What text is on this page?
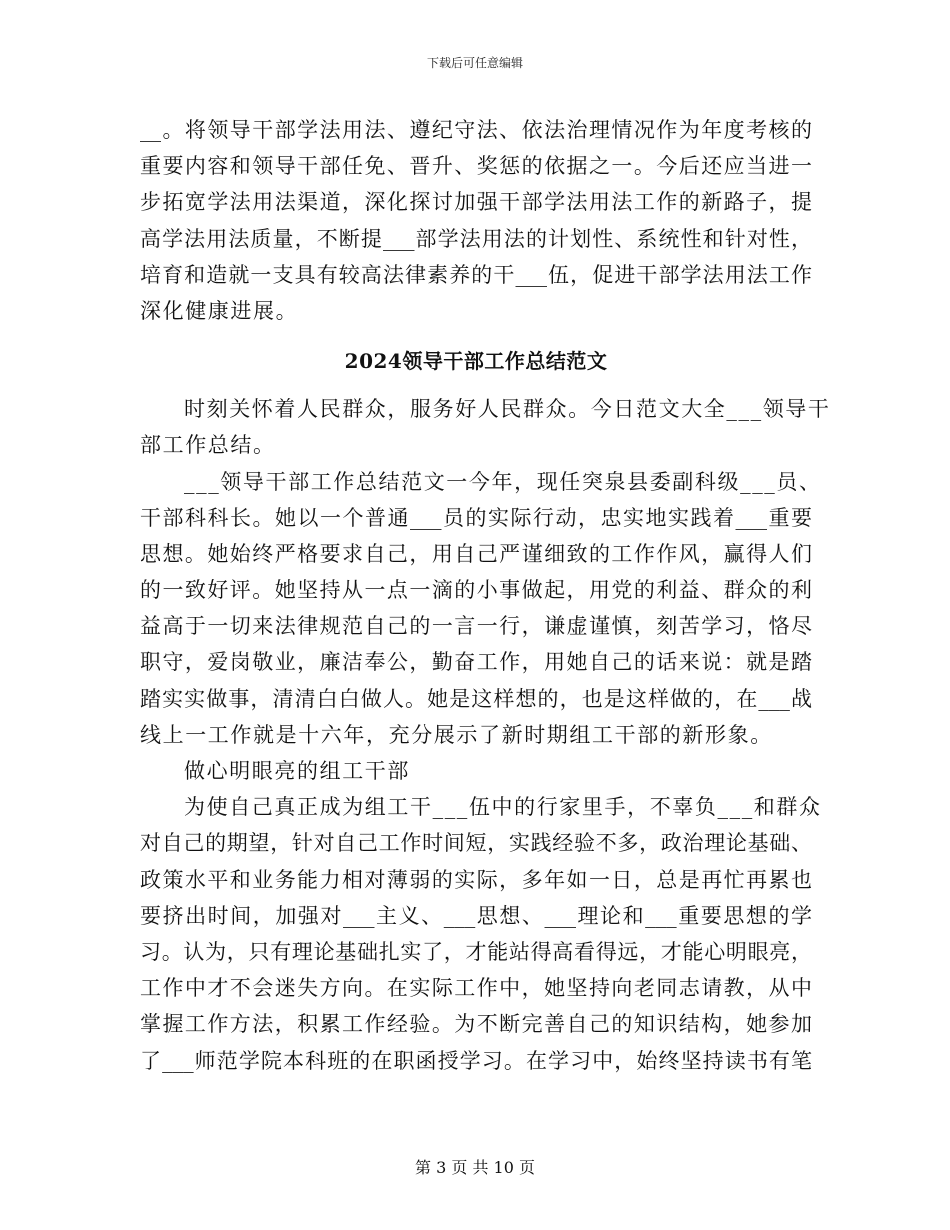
下载后可任意编辑
__。将领导干部学法用法、遵纪守法、依法治理情况作为年度考核的
重要内容和领导干部任免、晋升、奖惩的依据之一。今后还应当进一
步拓宽学法用法渠道，深化探讨加强干部学法用法工作的新路子，提
高学法用法质量，不断提___部学法用法的计划性、系统性和针对性，
培育和造就一支具有较高法律素养的干___伍，促进干部学法用法工作
深化健康进展。
2024领导干部工作总结范文
时刻关怀着人民群众，服务好人民群众。今日范文大全___领导干
部工作总结。
___领导干部工作总结范文一今年，现任突泉县委副科级___员、
干部科科长。她以一个普通___员的实际行动，忠实地实践着___重要
思想。她始终严格要求自己，用自己严谨细致的工作作风，赢得人们
的一致好评。她坚持从一点一滴的小事做起，用党的利益、群众的利
益高于一切来法律规范自己的一言一行，谦虚谨慎，刻苦学习，恪尽
职守，爱岗敬业，廉洁奉公，勤奋工作，用她自己的话来说：就是踏
踏实实做事，清清白白做人。她是这样想的，也是这样做的，在___战
线上一工作就是十六年，充分展示了新时期组工干部的新形象。
做心明眼亮的组工干部
为使自己真正成为组工干___伍中的行家里手，不辜负___和群众
对自己的期望，针对自己工作时间短，实践经验不多，政治理论基础、
政策水平和业务能力相对薄弱的实际，多年如一日，总是再忙再累也
要挤出时间，加强对___主义、___思想、___理论和___重要思想的学
习。认为，只有理论基础扎实了，才能站得高看得远，才能心明眼亮，
工作中才不会迷失方向。在实际工作中，她坚持向老同志请教，从中
掌握工作方法，积累工作经验。为不断完善自己的知识结构，她参加
了___师范学院本科班的在职函授学习。在学习中，始终坚持读书有笔
第 3 页 共 10 页
